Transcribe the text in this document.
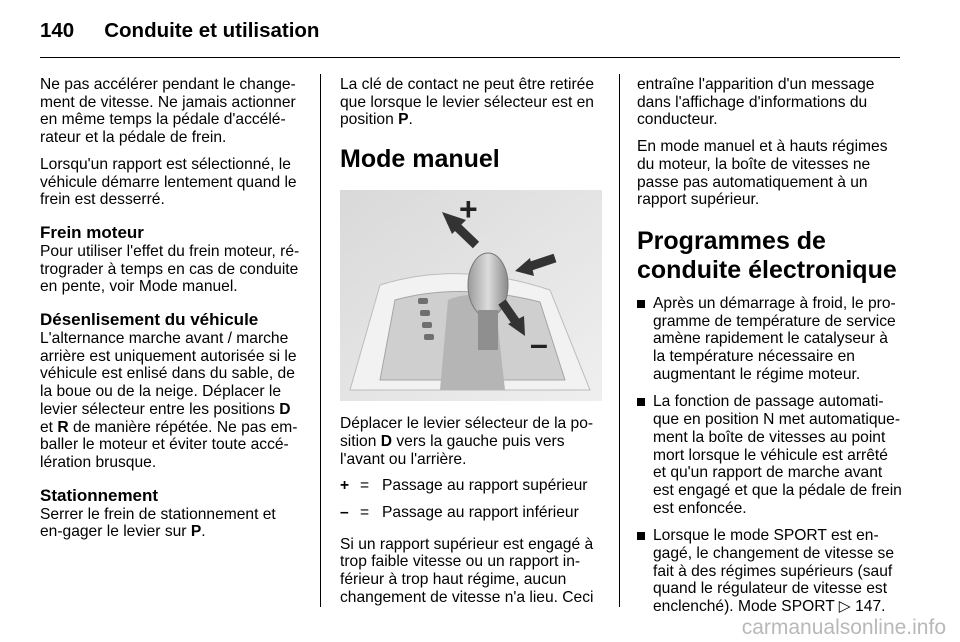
140 Conduite et utilisation

Ne pas accélérer pendant le change-ment de vitesse. Ne jamais actionner en même temps la pédale d'accélé-rateur et la pédale de frein.

Lorsqu'un rapport est sélectionné, le véhicule démarre lentement quand le frein est desserré.

Frein moteur

Pour utiliser l'effet du frein moteur, ré-trograder à temps en cas de conduite en pente, voir Mode manuel.

Désenlisement du véhicule

L'alternance marche avant / marche arrière est uniquement autorisée si le véhicule est enlisé dans du sable, de la boue ou de la neige. Déplacer le levier sélecteur entre les positions D et R de manière répétée. Ne pas em-baller le moteur et éviter toute accé-lération brusque.

Stationnement

Serrer le frein de stationnement et en-gager le levier sur P.

La clé de contact ne peut être retirée que lorsque le levier sélecteur est en position P.

Mode manuel
+
–

Déplacer le levier sélecteur de la po-sition D vers la gauche puis vers l'avant ou l'arrière.

+ = Passage au rapport supérieur
– = Passage au rapport inférieur

Si un rapport supérieur est engagé à trop faible vitesse ou un rapport in-férieur à trop haut régime, aucun changement de vitesse n'a lieu. Ceci

entraîne l'apparition d'un message dans l'affichage d'informations du conducteur.

En mode manuel et à hauts régimes du moteur, la boîte de vitesses ne passe pas automatiquement à un rapport supérieur.

Programmes de conduite électronique
Après un démarrage à froid, le pro-gramme de température de service amène rapidement le catalyseur à la température nécessaire en augmentant le régime moteur.
La fonction de passage automati-que en position N met automatique-ment la boîte de vitesses au point mort lorsque le véhicule est arrêté et qu'un rapport de marche avant est engagé et que la pédale de frein est enfoncée.
Lorsque le mode SPORT est en-gagé, le changement de vitesse se fait à des régimes supérieurs (sauf quand le régulateur de vitesse est enclenché). Mode SPORT ▷ 147.
carmanualsonline.info
